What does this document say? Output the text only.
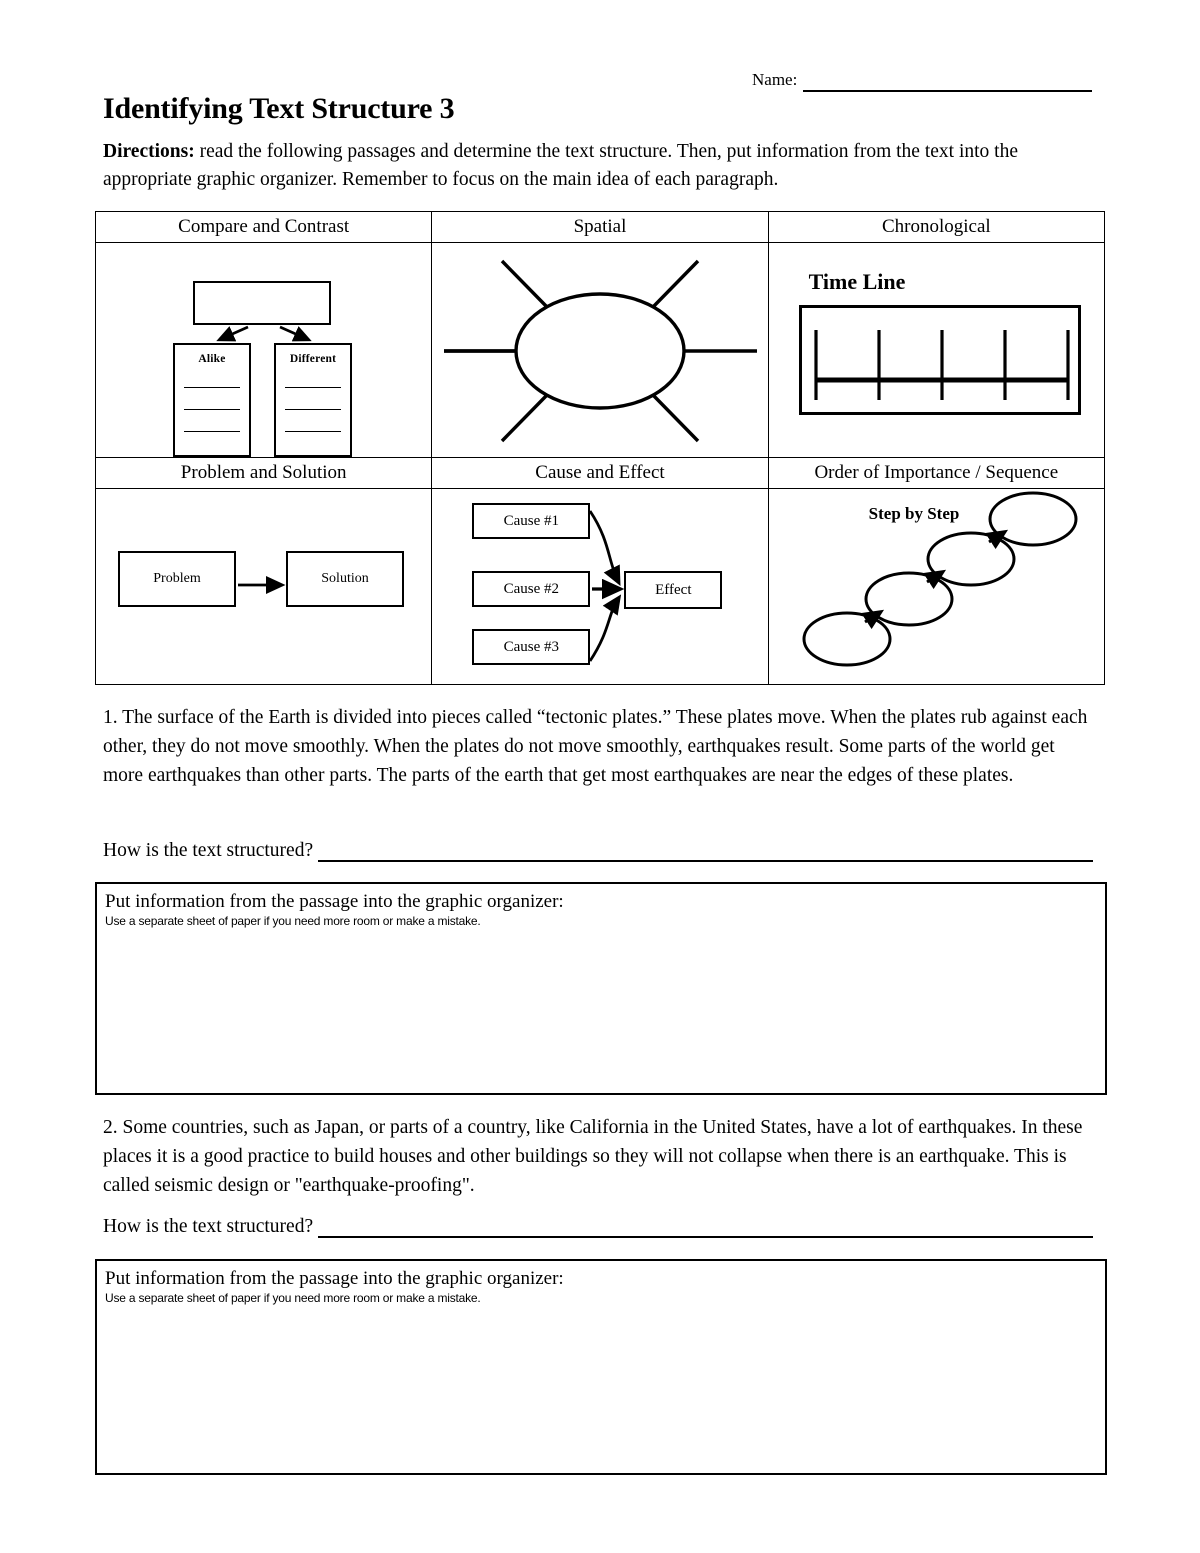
Name:
Identifying Text Structure 3
Directions: read the following passages and determine the text structure. Then, put information from the text into the appropriate graphic organizer. Remember to focus on the main idea of each paragraph.
Compare and Contrast	Spatial	Chronological

Alike Different		Time Line

Problem and Solution	Cause and Effect	Order of Importance / Sequence

Problem	Solution

Cause #1
Cause #2
Cause #3
Effect

Step by Step
1. The surface of the Earth is divided into pieces called “tectonic plates.” These plates move. When the plates rub against each other, they do not move smoothly. When the plates do not move smoothly, earthquakes result. Some parts of the world get more earthquakes than other parts. The parts of the earth that get most earthquakes are near the edges of these plates.
How is the text structured?
Put information from the passage into the graphic organizer:
Use a separate sheet of paper if you need more room or make a mistake.
2. Some countries, such as Japan, or parts of a country, like California in the United States, have a lot of earthquakes. In these places it is a good practice to build houses and other buildings so they will not collapse when there is an earthquake. This is called seismic design or "earthquake-proofing".
How is the text structured?
Put information from the passage into the graphic organizer:
Use a separate sheet of paper if you need more room or make a mistake.
